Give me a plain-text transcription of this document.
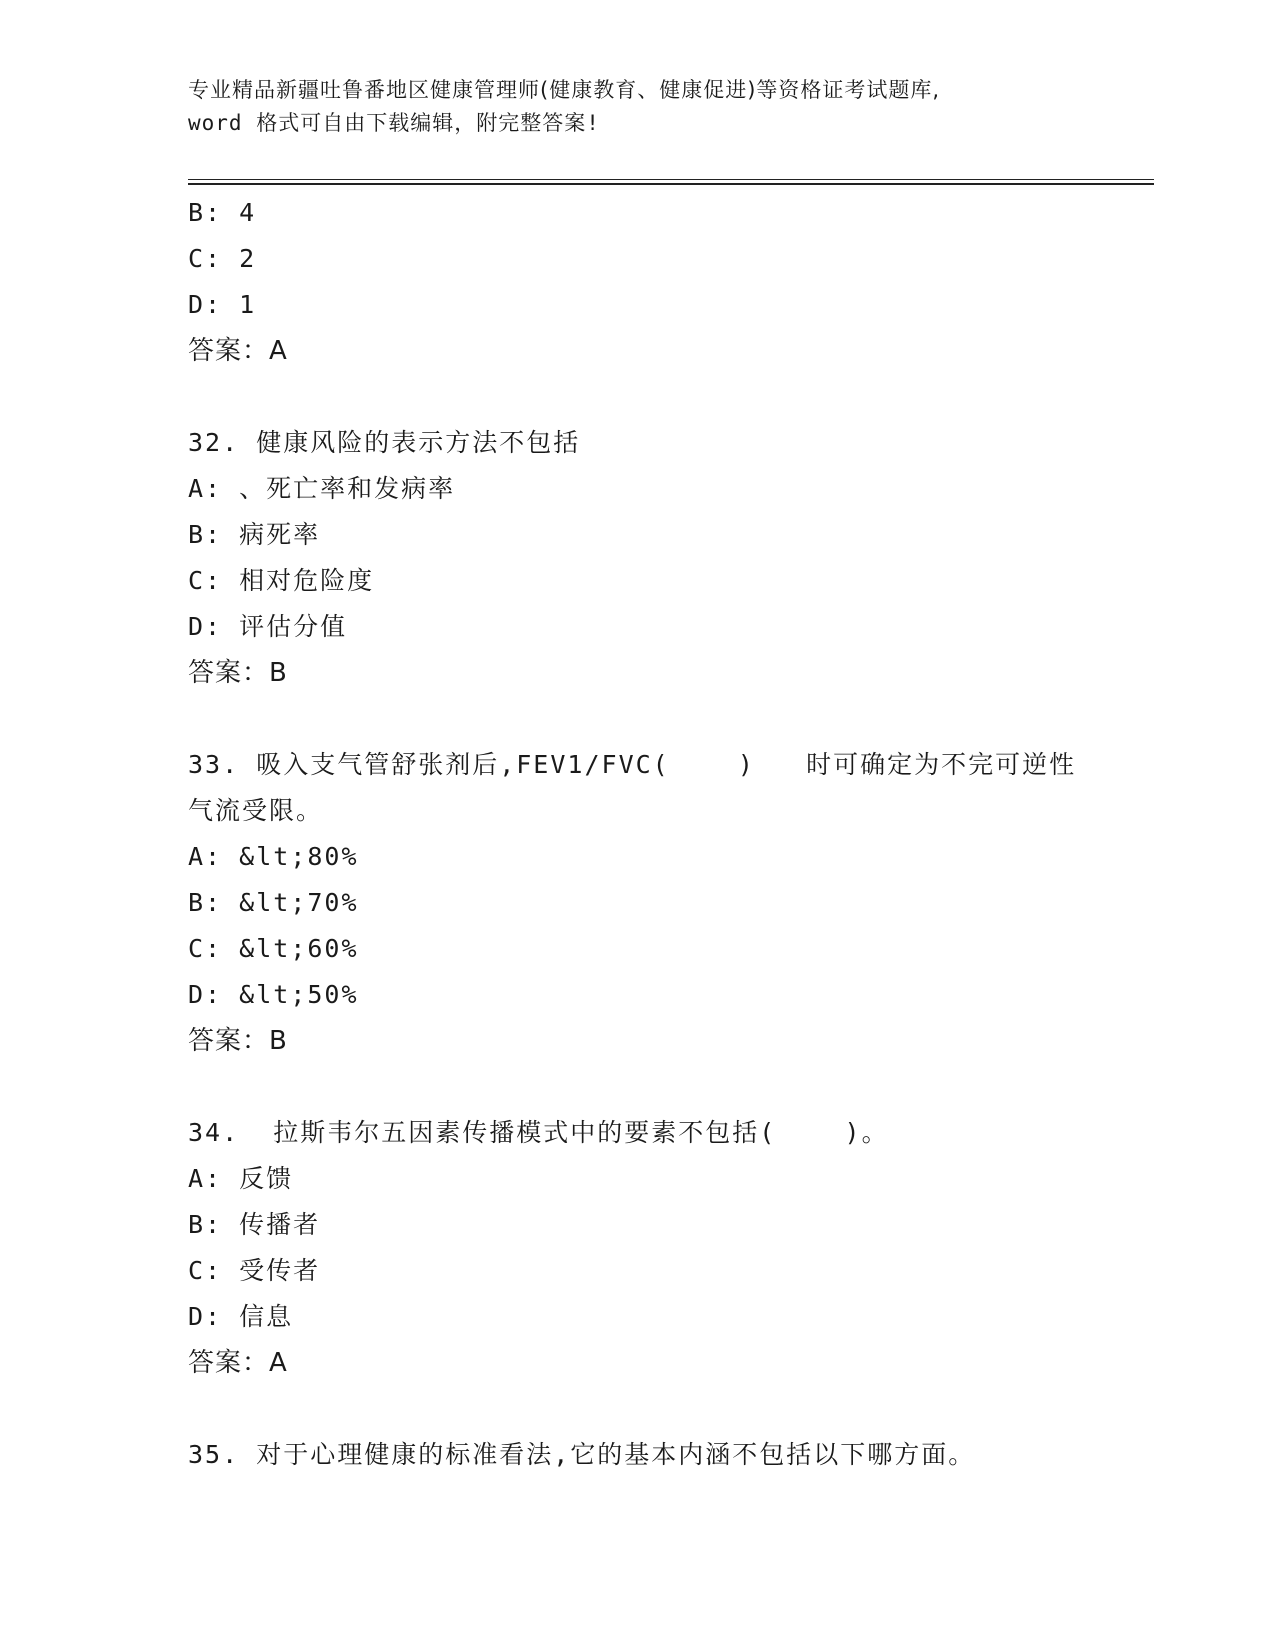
专业精品新疆吐鲁番地区健康管理师(健康教育、健康促进)等资格证考试题库,
word 格式可自由下载编辑，附完整答案!
B: 4
C: 2
D: 1
答案：A
32. 健康风险的表示方法不包括
A: 、死亡率和发病率
B: 病死率
C: 相对危险度
D: 评估分值
答案：B
33. 吸入支气管舒张剂后,FEV1/FVC(    )   时可确定为不完可逆性
气流受限。
A: &lt;80%
B: &lt;70%
C: &lt;60%
D: &lt;50%
答案：B
34.  拉斯韦尔五因素传播模式中的要素不包括(    )。
A: 反馈
B: 传播者
C: 受传者
D: 信息
答案：A
35. 对于心理健康的标准看法,它的基本内涵不包括以下哪方面。
